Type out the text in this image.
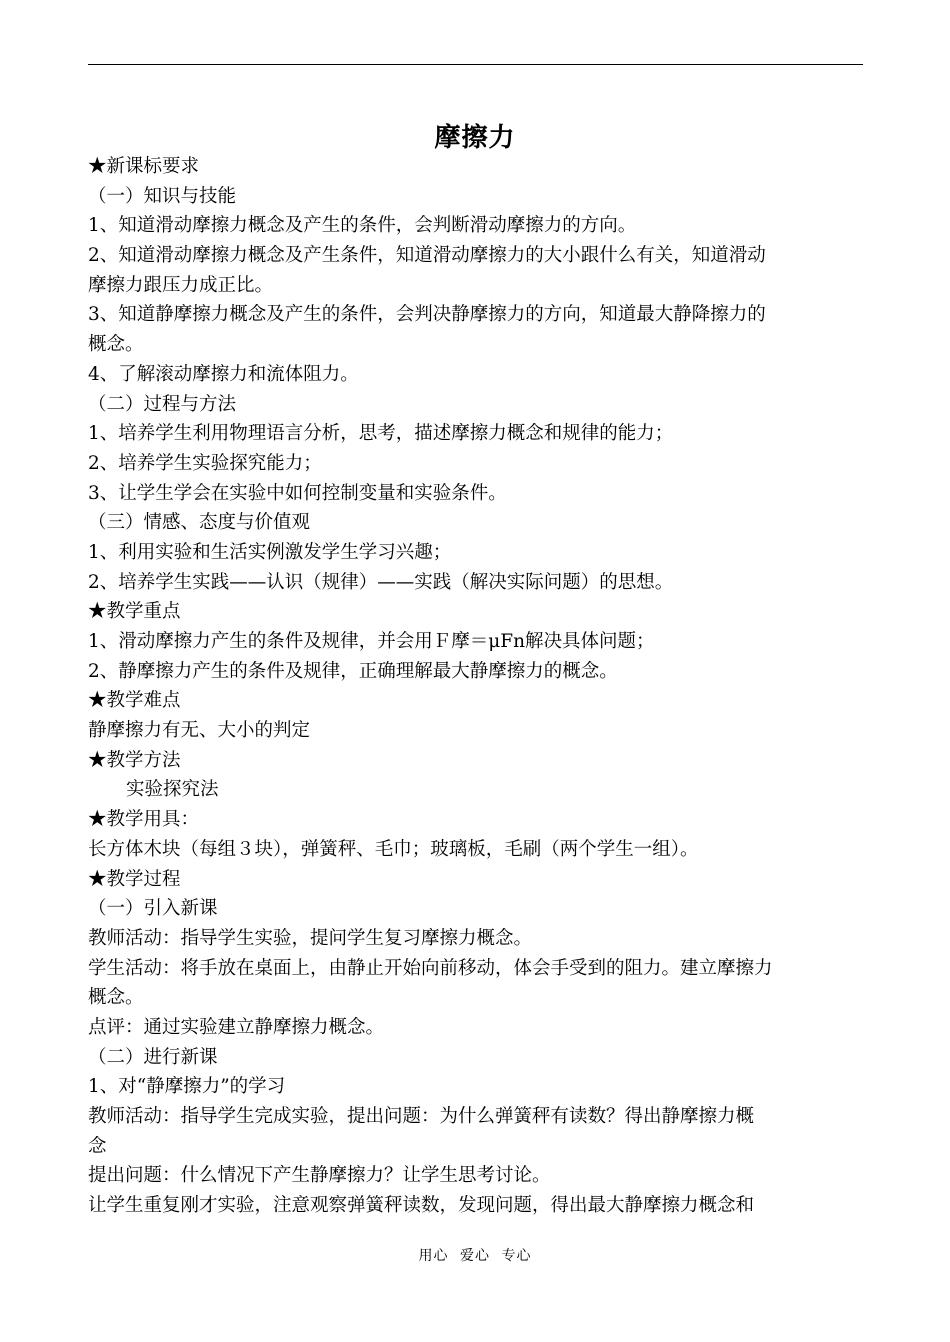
摩擦力
★新课标要求
（一）知识与技能
1、知道滑动摩擦力概念及产生的条件，会判断滑动摩擦力的方向。
2、知道滑动摩擦力概念及产生条件，知道滑动摩擦力的大小跟什么有关，知道滑动
摩擦力跟压力成正比。
3、知道静摩擦力概念及产生的条件，会判决静摩擦力的方向，知道最大静降擦力的
概念。
4、了解滚动摩擦力和流体阻力。
（二）过程与方法
1、培养学生利用物理语言分析，思考，描述摩擦力概念和规律的能力；
2、培养学生实验探究能力；
3、让学生学会在实验中如何控制变量和实验条件。
（三）情感、态度与价值观
1、利用实验和生活实例激发学生学习兴趣；
2、培养学生实践——认识（规律）——实践（解决实际问题）的思想。
★教学重点
1、滑动摩擦力产生的条件及规律，并会用Ｆ摩＝μFn解决具体问题；
2、静摩擦力产生的条件及规律，正确理解最大静摩擦力的概念。
★教学难点
静摩擦力有无、大小的判定
★教学方法
实验探究法
★教学用具：
长方体木块（每组３块），弹簧秤、毛巾；玻璃板，毛刷（两个学生一组）。
★教学过程
（一）引入新课
教师活动：指导学生实验，提问学生复习摩擦力概念。
学生活动：将手放在桌面上，由静止开始向前移动，体会手受到的阻力。建立摩擦力
概念。
点评：通过实验建立静摩擦力概念。
（二）进行新课
1、对“静摩擦力”的学习
教师活动：指导学生完成实验，提出问题：为什么弹簧秤有读数？得出静摩擦力概
念
提出问题：什么情况下产生静摩擦力？让学生思考讨论。
让学生重复刚才实验，注意观察弹簧秤读数，发现问题，得出最大静摩擦力概念和
用心 爱心 专心
